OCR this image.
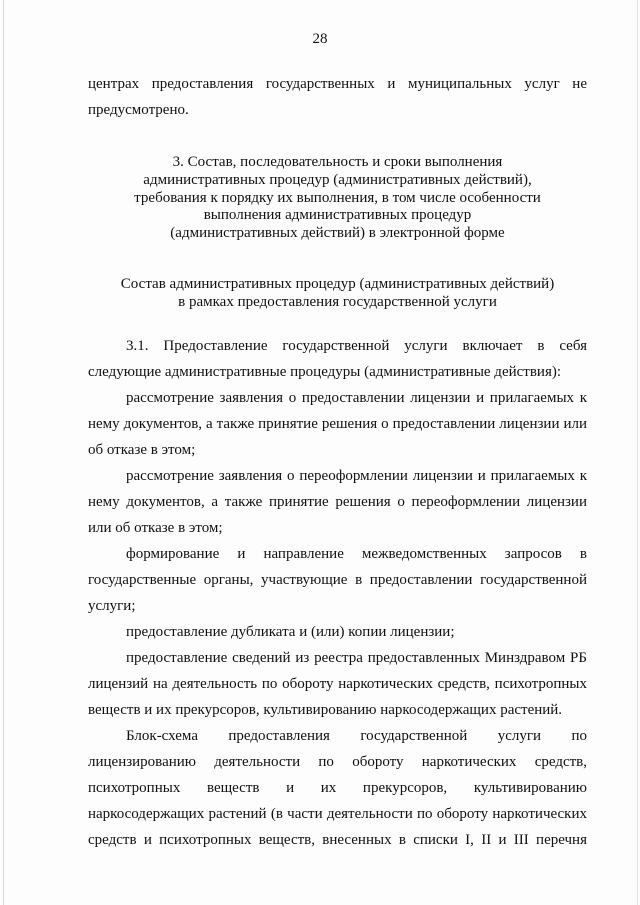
28
центрах предоставления государственных и муниципальных услуг не
предусмотрено.
3. Состав, последовательность и сроки выполнения
административных процедур (административных действий),
требования к порядку их выполнения, в том числе особенности
выполнения административных процедур
(административных действий) в электронной форме
Состав административных процедур (административных действий)
в рамках предоставления государственной услуги
3.1. Предоставление государственной услуги включает в себя
следующие административные процедуры (административные действия):
рассмотрение заявления о предоставлении лицензии и прилагаемых к
нему документов, а также принятие решения о предоставлении лицензии или
об отказе в этом;
рассмотрение заявления о переоформлении лицензии и прилагаемых к
нему документов, а также принятие решения о переоформлении лицензии
или об отказе в этом;
формирование и направление межведомственных запросов в
государственные органы, участвующие в предоставлении государственной
услуги;
предоставление дубликата и (или) копии лицензии;
предоставление сведений из реестра предоставленных Минздравом РБ
лицензий на деятельность по обороту наркотических средств, психотропных
веществ и их прекурсоров, культивированию наркосодержащих растений.
Блок-схема предоставления государственной услуги по
лицензированию деятельности по обороту наркотических средств,
психотропных веществ и их прекурсоров, культивированию
наркосодержащих растений (в части деятельности по обороту наркотических
средств и психотропных веществ, внесенных в списки I, II и III перечня
